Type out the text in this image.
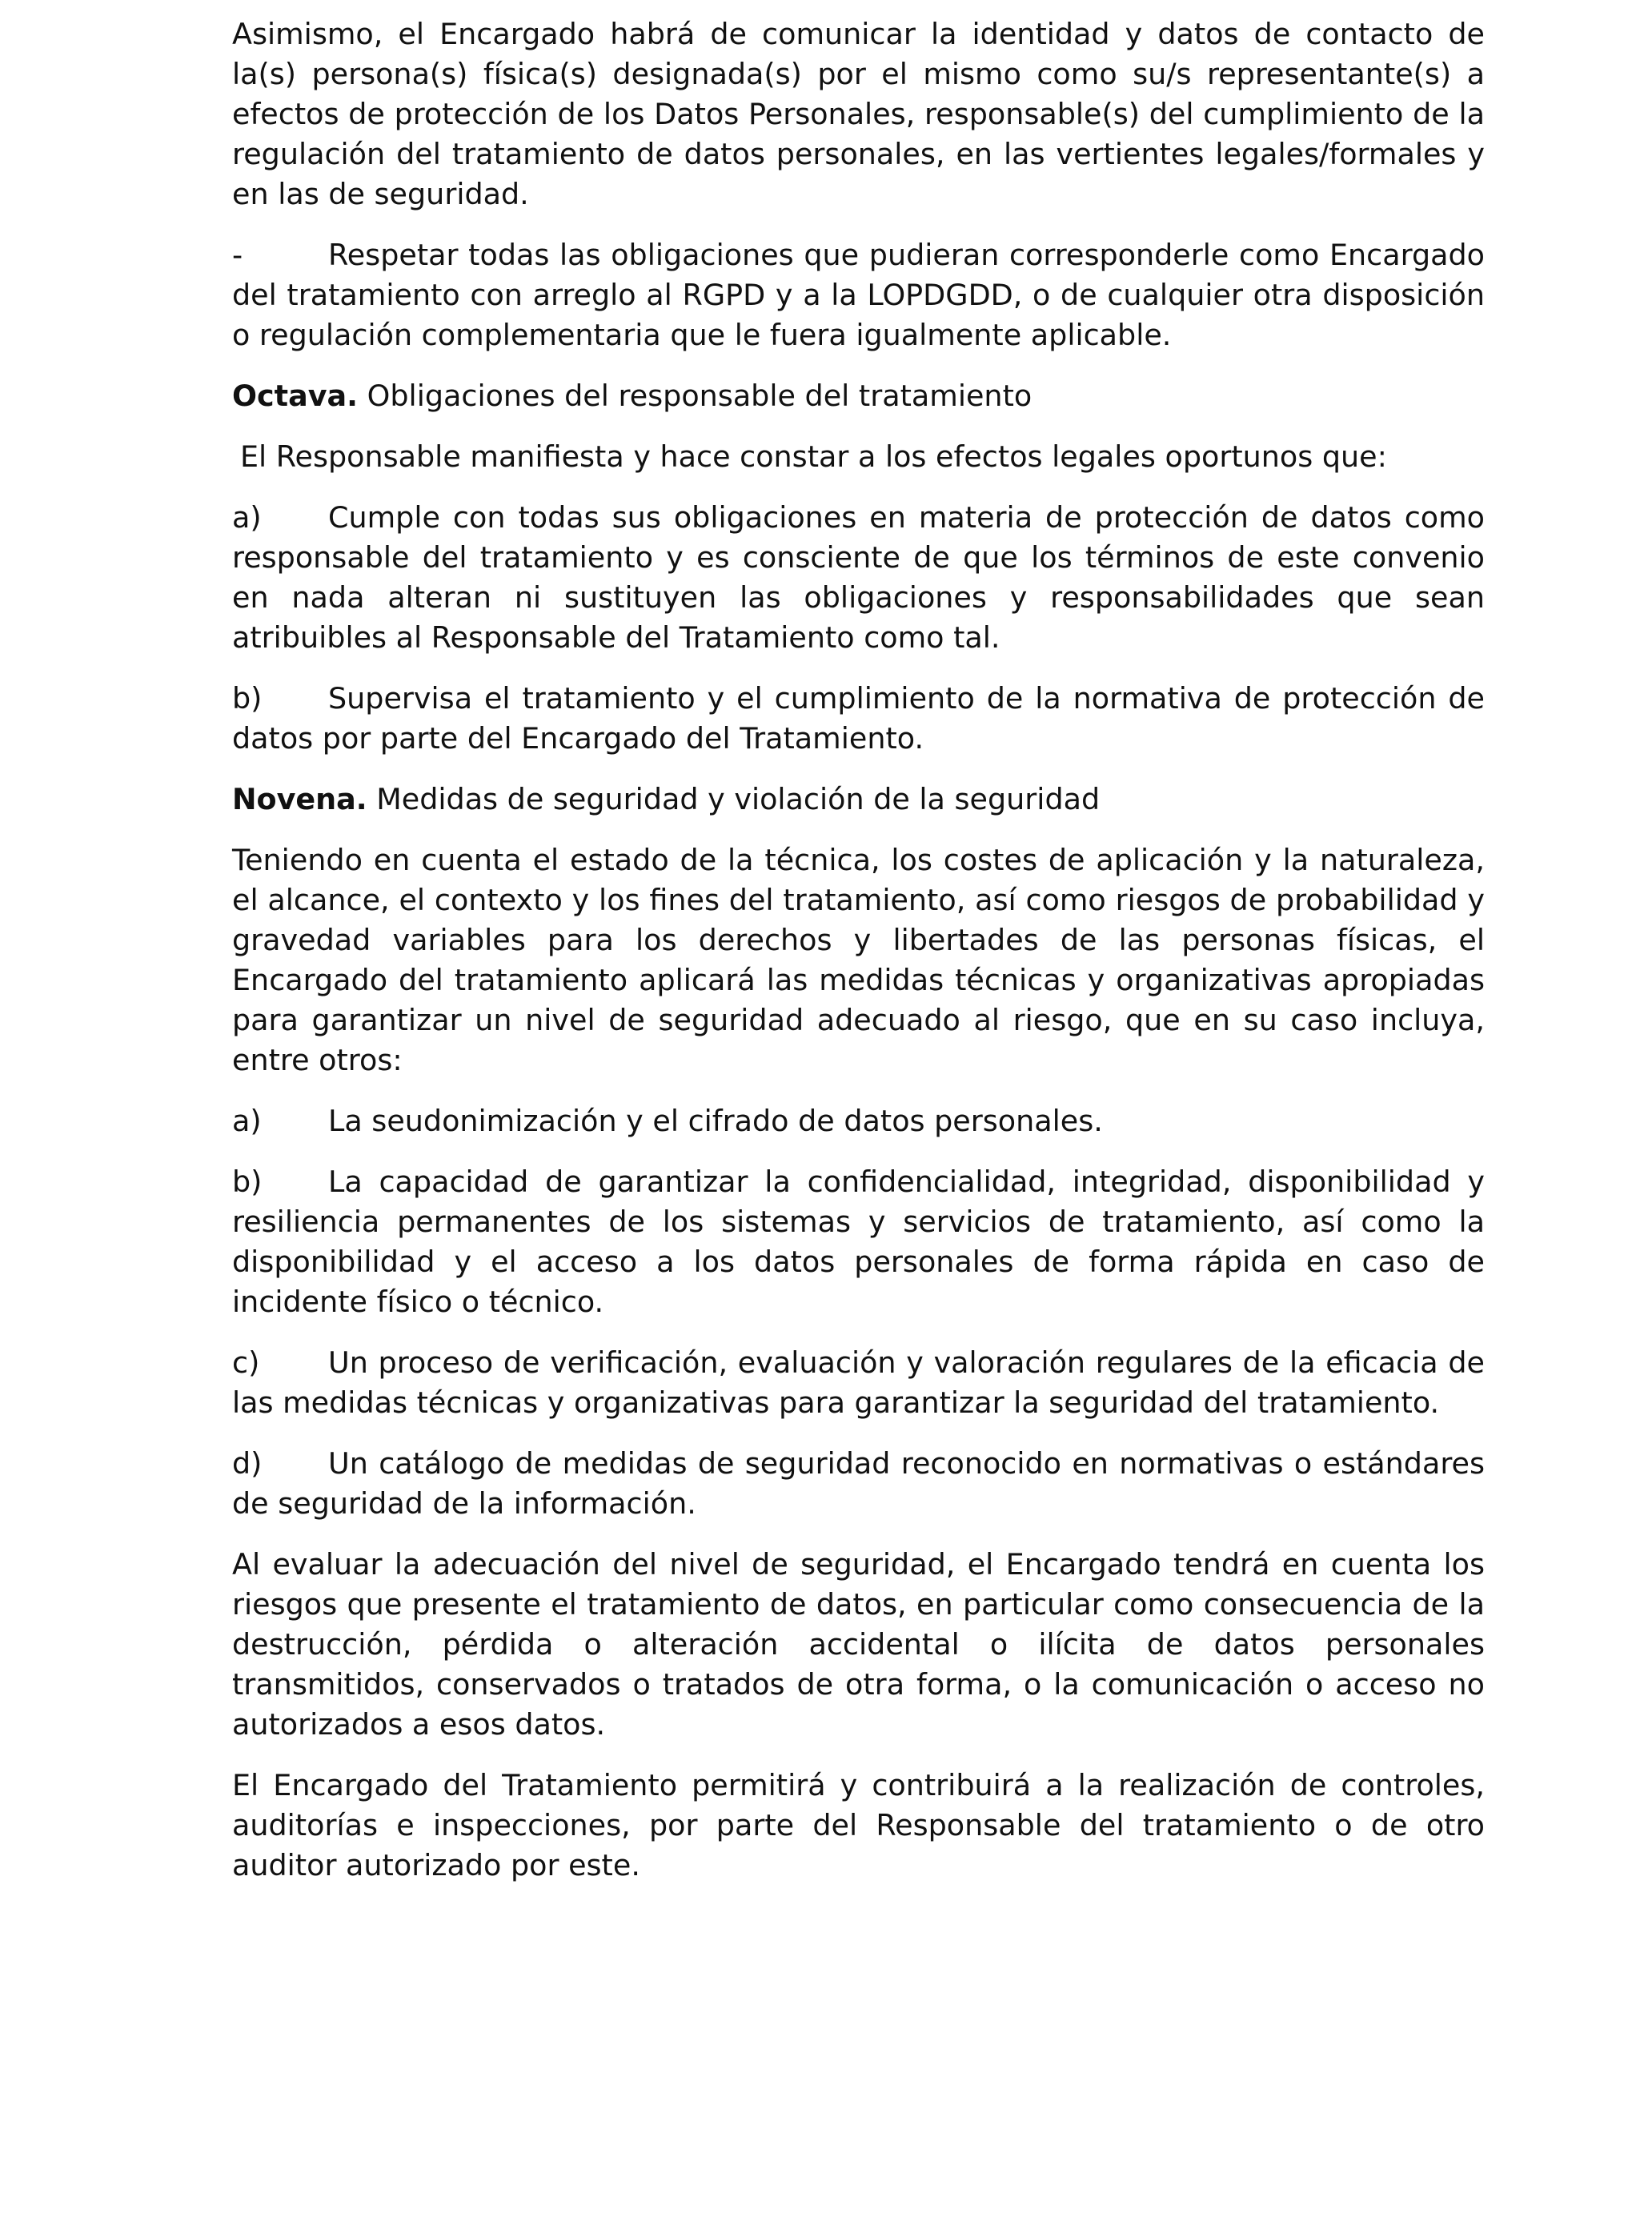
Asimismo, el Encargado habrá de comunicar la identidad y datos de contacto de la(s) persona(s) física(s) designada(s) por el mismo como su/s representante(s) a efectos de protección de los Datos Personales, responsable(s) del cumplimiento de la regulación del tratamiento de datos personales, en las vertientes legales/formales y en las de seguridad.

-	Respetar todas las obligaciones que pudieran corresponderle como Encargado del tratamiento con arreglo al RGPD y a la LOPDGDD, o de cualquier otra disposición o regulación complementaria que le fuera igualmente aplicable.

Octava. Obligaciones del responsable del tratamiento

El Responsable manifiesta y hace constar a los efectos legales oportunos que:

a) Cumple con todas sus obligaciones en materia de protección de datos como responsable del tratamiento y es consciente de que los términos de este convenio en nada alteran ni sustituyen las obligaciones y responsabilidades que sean atribuibles al Responsable del Tratamiento como tal.

b) Supervisa el tratamiento y el cumplimiento de la normativa de protección de datos por parte del Encargado del Tratamiento.

Novena. Medidas de seguridad y violación de la seguridad

Teniendo en cuenta el estado de la técnica, los costes de aplicación y la naturaleza, el alcance, el contexto y los fines del tratamiento, así como riesgos de probabilidad y gravedad variables para los derechos y libertades de las personas físicas, el Encargado del tratamiento aplicará las medidas técnicas y organizativas apropiadas para garantizar un nivel de seguridad adecuado al riesgo, que en su caso incluya, entre otros:

a) La seudonimización y el cifrado de datos personales.

b) La capacidad de garantizar la confidencialidad, integridad, disponibilidad y resiliencia permanentes de los sistemas y servicios de tratamiento, así como la disponibilidad y el acceso a los datos personales de forma rápida en caso de incidente físico o técnico.

c) Un proceso de verificación, evaluación y valoración regulares de la eficacia de las medidas técnicas y organizativas para garantizar la seguridad del tratamiento.

d) Un catálogo de medidas de seguridad reconocido en normativas o estándares de seguridad de la información.

Al evaluar la adecuación del nivel de seguridad, el Encargado tendrá en cuenta los riesgos que presente el tratamiento de datos, en particular como consecuencia de la destrucción, pérdida o alteración accidental o ilícita de datos personales transmitidos, conservados o tratados de otra forma, o la comunicación o acceso no autorizados a esos datos.

El Encargado del Tratamiento permitirá y contribuirá a la realización de controles, auditorías e inspecciones, por parte del Responsable del tratamiento o de otro auditor autorizado por este.
